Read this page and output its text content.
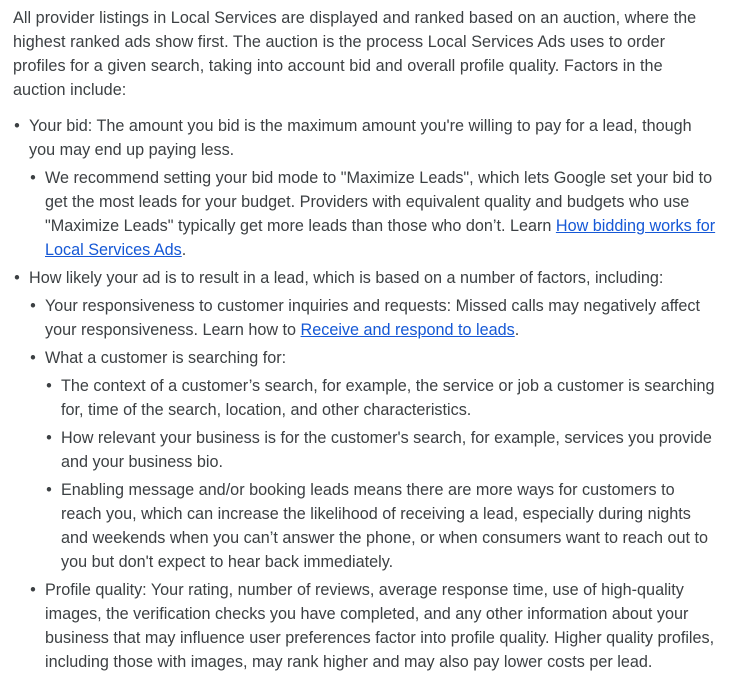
All provider listings in Local Services are displayed and ranked based on an auction, where the highest ranked ads show first. The auction is the process Local Services Ads uses to order profiles for a given search, taking into account bid and overall profile quality. Factors in the auction include:

• Your bid: The amount you bid is the maximum amount you're willing to pay for a lead, though you may end up paying less.
• We recommend setting your bid mode to "Maximize Leads", which lets Google set your bid to get the most leads for your budget. Providers with equivalent quality and budgets who use "Maximize Leads" typically get more leads than those who don’t. Learn How bidding works for Local Services Ads.
• How likely your ad is to result in a lead, which is based on a number of factors, including:
• Your responsiveness to customer inquiries and requests: Missed calls may negatively affect your responsiveness. Learn how to Receive and respond to leads.
• What a customer is searching for:
• The context of a customer’s search, for example, the service or job a customer is searching for, time of the search, location, and other characteristics.
• How relevant your business is for the customer's search, for example, services you provide and your business bio.
• Enabling message and/or booking leads means there are more ways for customers to reach you, which can increase the likelihood of receiving a lead, especially during nights and weekends when you can’t answer the phone, or when consumers want to reach out to you but don't expect to hear back immediately.
• Profile quality: Your rating, number of reviews, average response time, use of high-quality images, the verification checks you have completed, and any other information about your business that may influence user preferences factor into profile quality. Higher quality profiles, including those with images, may rank higher and may also pay lower costs per lead.
